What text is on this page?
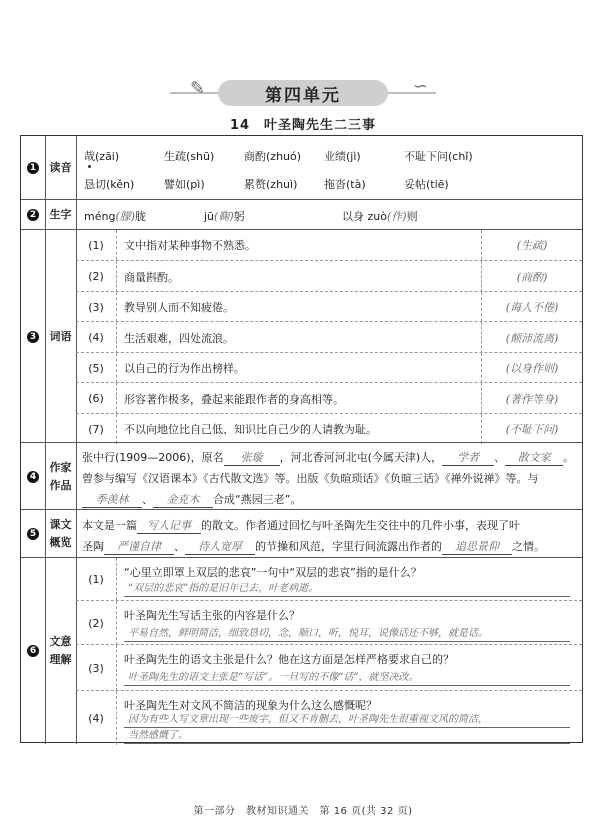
✎	第四单元	∽
14　叶圣陶先生二三事
1 读音
哉(zāi)	生疏(shū)	商酌(zhuó) 业绩(jì)	不耻下问(chǐ)
恳切(kěn)	譬如(pì)	累赘(zhuì) 拖沓(tà)	妥帖(tiē)
2 生字 méng(朦)胧	jū(鞠)躬	以身 zuò(作)则
3 词语
(1)	文中指对某种事物不熟悉。	(生疏)
(2)	商量斟酌。	(商酌)
(3)	教导别人而不知疲倦。	(诲人不倦)
(4)	生活艰难，四处流浪。	(颠沛流离)
(5)	以自己的行为作出榜样。	(以身作则)
(6)	形容著作极多，叠起来能跟作者的身高相等。	(著作等身)
(7)	不以向地位比自己低、知识比自己少的人请教为耻。	(不耻下问)
4
作家
作品
张中行(1909—2006)，原名 张璇 ，河北香河河北屯(今属天津)人， 学者 、 散文家 。
曾参与编写《汉语课本》《古代散文选》等。出版《负暄琐话》《负暄三话》《禅外说禅》等。与
季羡林 、 金克木 合成“燕园三老”。
5
课文
概览
本文是一篇 写人记事 的散文。作者通过回忆与叶圣陶先生交往中的几件小事，表现了叶
圣陶 严谨自律 、 待人宽厚 的节操和风范，字里行间流露出作者的 追思景仰 之情。
6
文意
理解
(1)	“心里立即罩上双层的悲哀”一句中“双层的悲哀”指的是什么？
“双层的悲哀”指的是旧年已去，叶老病逝。
(2)
叶圣陶先生写话主张的内容是什么？
平易自然，鲜明简洁，细致恳切，念，顺口，听，悦耳，说像话还不够，就是话。
(3)
叶圣陶先生的语文主张是什么？他在这方面是怎样严格要求自己的？
叶圣陶先生的语文主张是“写话”。一旦写的不像“话”，就坚决改。
(4)
叶圣陶先生对文风不简洁的现象为什么这么感慨呢？
因为有些人写文章出现一些废字，但又不肯删去，叶圣陶先生很重视文风的简洁，
当然感慨了。
第一部分　教材知识通关　第 16 页(共 32 页)
